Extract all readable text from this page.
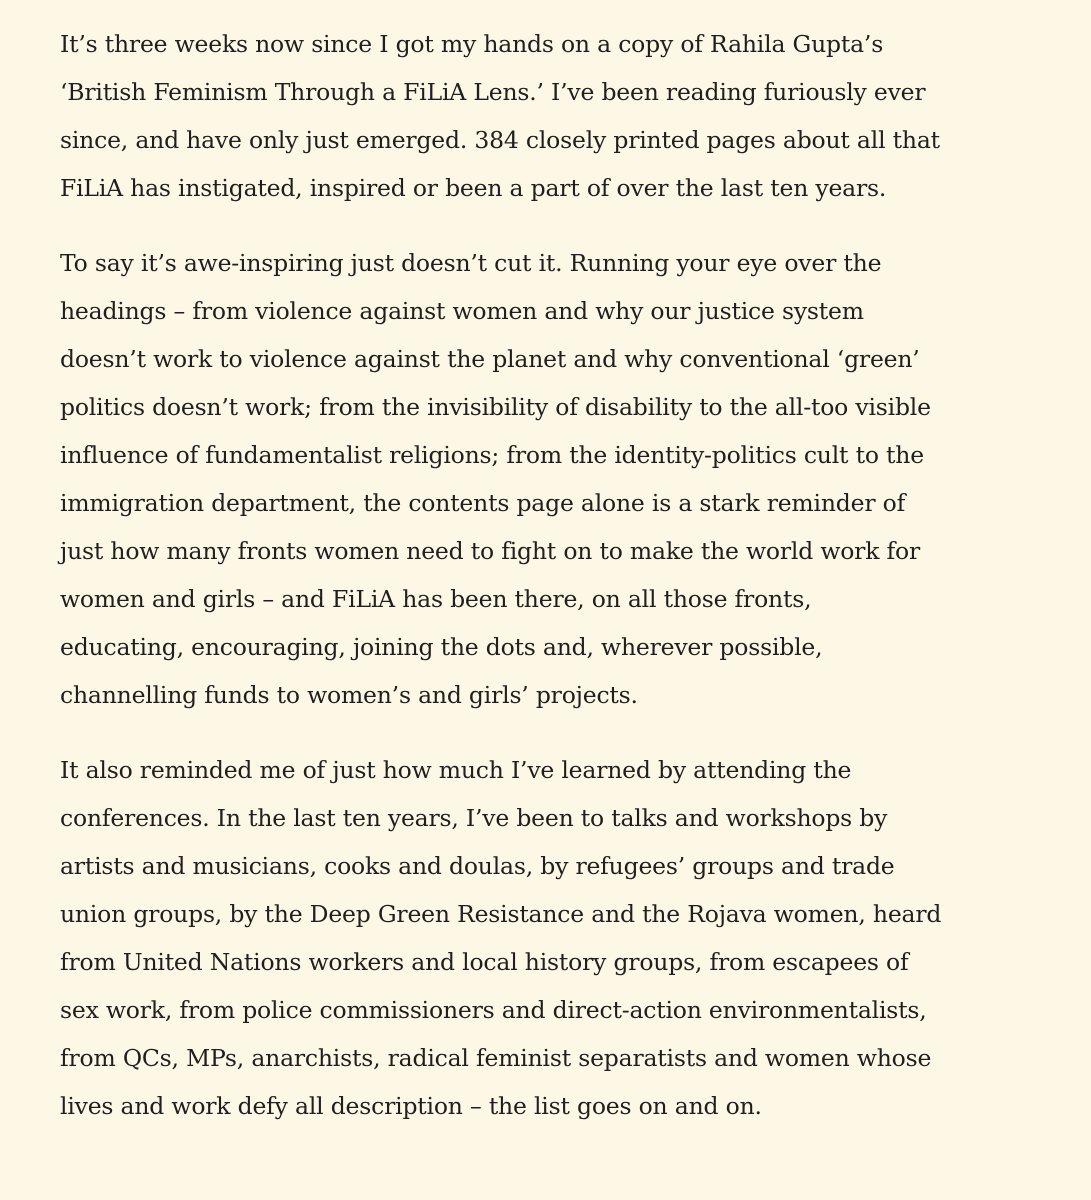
It’s three weeks now since I got my hands on a copy of Rahila Gupta’s
‘British Feminism Through a FiLiA Lens.’ I’ve been reading furiously ever
since, and have only just emerged. 384 closely printed pages about all that
FiLiA has instigated, inspired or been a part of over the last ten years.

To say it’s awe-inspiring just doesn’t cut it. Running your eye over the
headings – from violence against women and why our justice system
doesn’t work to violence against the planet and why conventional ‘green’
politics doesn’t work; from the invisibility of disability to the all-too visible
influence of fundamentalist religions; from the identity-politics cult to the
immigration department, the contents page alone is a stark reminder of
just how many fronts women need to fight on to make the world work for
women and girls – and FiLiA has been there, on all those fronts,
educating, encouraging, joining the dots and, wherever possible,
channelling funds to women’s and girls’ projects.

It also reminded me of just how much I’ve learned by attending the
conferences. In the last ten years, I’ve been to talks and workshops by
artists and musicians, cooks and doulas, by refugees’ groups and trade
union groups, by the Deep Green Resistance and the Rojava women, heard
from United Nations workers and local history groups, from escapees of
sex work, from police commissioners and direct-action environmentalists,
from QCs, MPs, anarchists, radical feminist separatists and women whose
lives and work defy all description – the list goes on and on.
